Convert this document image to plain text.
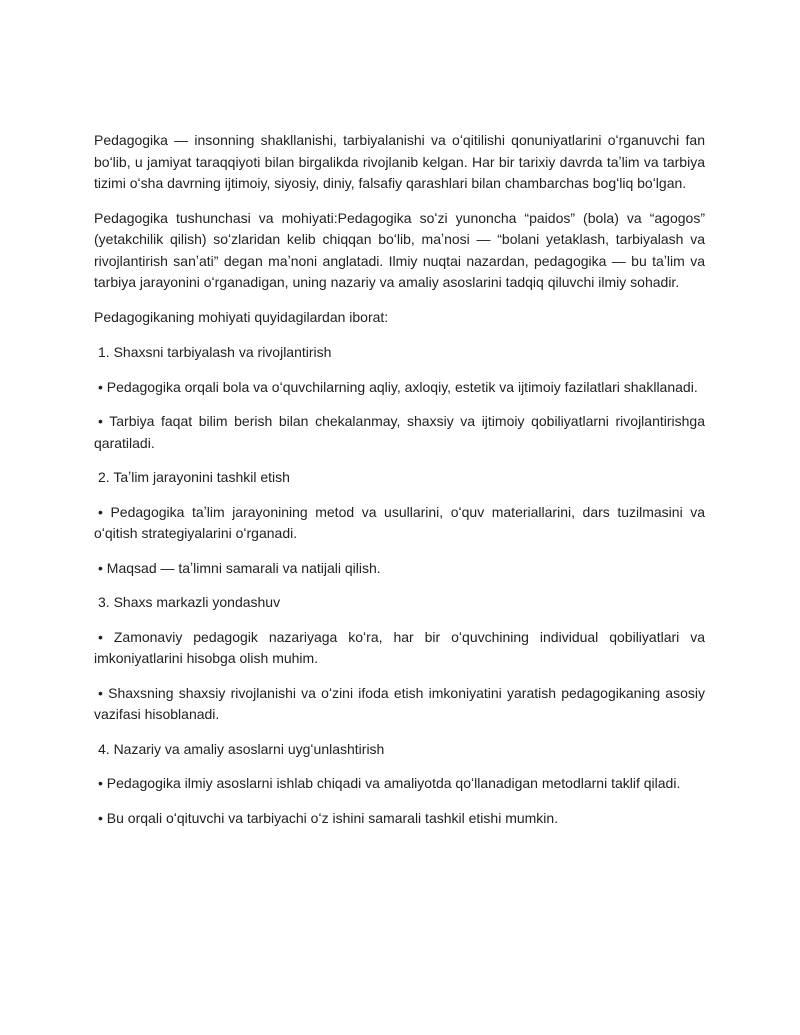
Pedagogika — insonning shakllanishi, tarbiyalanishi va oʻqitilishi qonuniyatlarini oʻrganuvchi fan boʻlib, u jamiyat taraqqiyoti bilan birgalikda rivojlanib kelgan. Har bir tarixiy davrda taʼlim va tarbiya tizimi oʻsha davrning ijtimoiy, siyosiy, diniy, falsafiy qarashlari bilan chambarchas bogʻliq boʻlgan.

Pedagogika tushunchasi va mohiyati:Pedagogika soʻzi yunoncha “paidos” (bola) va “agogos” (yetakchilik qilish) soʻzlaridan kelib chiqqan boʻlib, maʼnosi — “bolani yetaklash, tarbiyalash va rivojlantirish sanʼati” degan maʼnoni anglatadi. Ilmiy nuqtai nazardan, pedagogika — bu taʼlim va tarbiya jarayonini oʻrganadigan, uning nazariy va amaliy asoslarini tadqiq qiluvchi ilmiy sohadir.

Pedagogikaning mohiyati quyidagilardan iborat:

1. Shaxsni tarbiyalash va rivojlantirish

• Pedagogika orqali bola va oʻquvchilarning aqliy, axloqiy, estetik va ijtimoiy fazilatlari shakllanadi.

• Tarbiya faqat bilim berish bilan chekalanmay, shaxsiy va ijtimoiy qobiliyatlarni rivojlantirishga qaratiladi.

2. Taʼlim jarayonini tashkil etish

• Pedagogika taʼlim jarayonining metod va usullarini, oʻquv materiallarini, dars tuzilmasini va oʻqitish strategiyalarini oʻrganadi.

• Maqsad — taʼlimni samarali va natijali qilish.

3. Shaxs markazli yondashuv

• Zamonaviy pedagogik nazariyaga koʻra, har bir oʻquvchining individual qobiliyatlari va imkoniyatlarini hisobga olish muhim.

• Shaxsning shaxsiy rivojlanishi va oʻzini ifoda etish imkoniyatini yaratish pedagogikaning asosiy vazifasi hisoblanadi.

4. Nazariy va amaliy asoslarni uygʻunlashtirish

• Pedagogika ilmiy asoslarni ishlab chiqadi va amaliyotda qoʻllanadigan metodlarni taklif qiladi.

• Bu orqali oʻqituvchi va tarbiyachi oʻz ishini samarali tashkil etishi mumkin.
